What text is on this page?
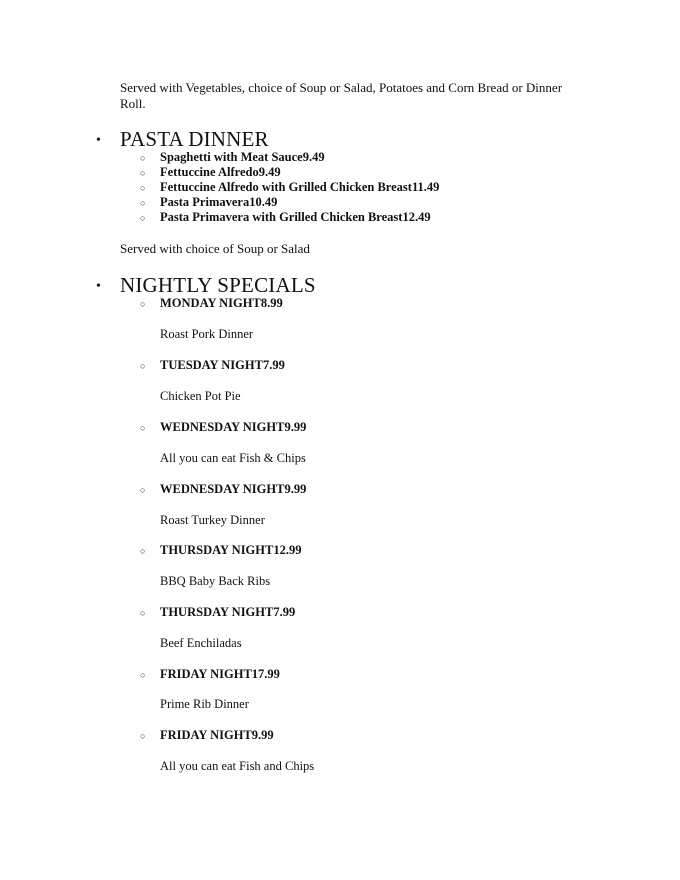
Served with Vegetables, choice of Soup or Salad, Potatoes and Corn Bread or Dinner Roll.
• PASTA DINNER
○ Spaghetti with Meat Sauce9.49
○ Fettuccine Alfredo9.49
○ Fettuccine Alfredo with Grilled Chicken Breast11.49
○ Pasta Primavera10.49
○ Pasta Primavera with Grilled Chicken Breast12.49
Served with choice of Soup or Salad
• NIGHTLY SPECIALS
○ MONDAY NIGHT8.99
Roast Pork Dinner
○ TUESDAY NIGHT7.99
Chicken Pot Pie
○ WEDNESDAY NIGHT9.99
All you can eat Fish & Chips
○ WEDNESDAY NIGHT9.99
Roast Turkey Dinner
○ THURSDAY NIGHT12.99
BBQ Baby Back Ribs
○ THURSDAY NIGHT7.99
Beef Enchiladas
○ FRIDAY NIGHT17.99
Prime Rib Dinner
○ FRIDAY NIGHT9.99
All you can eat Fish and Chips
